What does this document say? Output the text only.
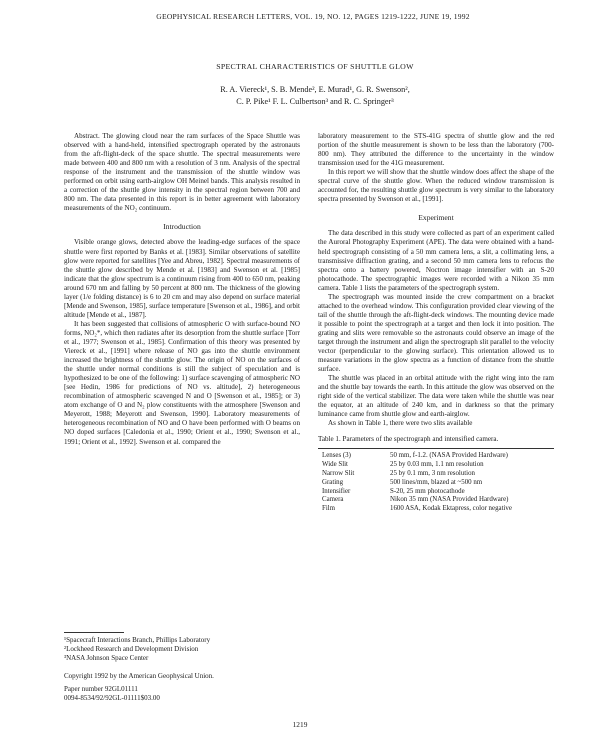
GEOPHYSICAL RESEARCH LETTERS, VOL. 19, NO. 12, PAGES 1219-1222, JUNE 19, 1992
SPECTRAL CHARACTERISTICS OF SHUTTLE GLOW
R. A. Viereck¹, S. B. Mende², E. Murad¹, G. R. Swenson²,
C. P. Pike¹ F. L. Culbertson³ and R. C. Springer³

Abstract. The glowing cloud near the ram surfaces of the Space Shuttle was observed with a hand-held, intensified spectrograph operated by the astronauts from the aft-flight-deck of the space shuttle. The spectral measurements were made between 400 and 800 nm with a resolution of 3 nm. Analysis of the spectral response of the instrument and the transmission of the shuttle window was performed on orbit using earth-airglow OH Meinel bands. This analysis resulted in a correction of the shuttle glow intensity in the spectral region between 700 and 800 nm. The data presented in this report is in better agreement with laboratory measurements of the NO₂ continuum.

Introduction

Visible orange glows, detected above the leading-edge surfaces of the space shuttle were first reported by Banks et al. [1983]. Similar observations of satellite glow were reported for satellites [Yee and Abreu, 1982]. Spectral measurements of the shuttle glow described by Mende et al. [1983] and Swenson et al. [1985] indicate that the glow spectrum is a continuum rising from 400 to 650 nm, peaking around 670 nm and falling by 50 percent at 800 nm. The thickness of the glowing layer (1/e folding distance) is 6 to 20 cm and may also depend on surface material [Mende and Swenson, 1985], surface temperature [Swenson et al., 1986], and orbit altitude [Mende et al., 1987].

It has been suggested that collisions of atmospheric O with surface-bound NO forms, NO₂*, which then radiates after its desorption from the shuttle surface [Torr et al., 1977; Swenson et al., 1985]. Confirmation of this theory was presented by Viereck et al., [1991] where release of NO gas into the shuttle environment increased the brightness of the shuttle glow. The origin of NO on the surfaces of the shuttle under normal conditions is still the subject of speculation and is hypothesized to be one of the following: 1) surface scavenging of atmospheric NO [see Hedin, 1986 for predictions of NO vs. altitude], 2) heterogeneous recombination of atmospheric scavenged N and O [Swenson et al., 1985]; or 3) atom exchange of O and N₂ plow constituents with the atmosphere [Swenson and Meyerott, 1988; Meyerott and Swenson, 1990]. Laboratory measurements of heterogeneous recombination of NO and O have been performed with O beams on NO doped surfaces [Caledonia et al., 1990; Orient et al., 1990; Swenson et al., 1991; Orient et al., 1992]. Swenson et al. compared the

¹Spacecraft Interactions Branch, Phillips Laboratory
²Lockheed Research and Development Division
³NASA Johnson Space Center
Copyright 1992 by the American Geophysical Union.
Paper number 92GL01111
0094-8534/92/92GL-01111$03.00

laboratory measurement to the STS-41G spectra of shuttle glow and the red portion of the shuttle measurement is shown to be less than the laboratory (700-800 nm). They attributed the difference to the uncertainty in the window transmission used for the 41G measurement.

In this report we will show that the shuttle window does affect the shape of the spectral curve of the shuttle glow. When the reduced window transmission is accounted for, the resulting shuttle glow spectrum is very similar to the laboratory spectra presented by Swenson et al., [1991].

Experiment

The data described in this study were collected as part of an experiment called the Auroral Photography Experiment (APE). The data were obtained with a hand-held spectrograph consisting of a 50 mm camera lens, a slit, a collimating lens, a transmissive diffraction grating, and a second 50 mm camera lens to refocus the spectra onto a battery powered, Noctron image intensifier with an S-20 photocathode. The spectrographic images were recorded with a Nikon 35 mm camera. Table 1 lists the parameters of the spectrograph system.

The spectrograph was mounted inside the crew compartment on a bracket attached to the overhead window. This configuration provided clear viewing of the tail of the shuttle through the aft-flight-deck windows. The mounting device made it possible to point the spectrograph at a target and then lock it into position. The grating and slits were removable so the astronauts could observe an image of the target through the instrument and align the spectrograph slit parallel to the velocity vector (perpendicular to the glowing surface). This orientation allowed us to measure variations in the glow spectra as a function of distance from the shuttle surface.

The shuttle was placed in an orbital attitude with the right wing into the ram and the shuttle bay towards the earth. In this attitude the glow was observed on the right side of the vertical stabilizer. The data were taken while the shuttle was near the equator, at an altitude of 240 km, and in darkness so that the primary luminance came from shuttle glow and earth-airglow.

As shown in Table 1, there were two slits available

Table 1. Parameters of the spectrograph and intensified camera.
Lenses (3)	50 mm, f-1.2. (NASA Provided Hardware)
Wide Slit	25 by 0.03 mm, 1.1 nm resolution
Narrow Slit	25 by 0.1 mm, 3 nm resolution
Grating	500 lines/mm, blazed at ~500 nm
Intensifier	S-20, 25 mm photocathode
Camera	Nikon 35 mm (NASA Provided Hardware)
Film	1600 ASA, Kodak Ektapress, color negative
1219
